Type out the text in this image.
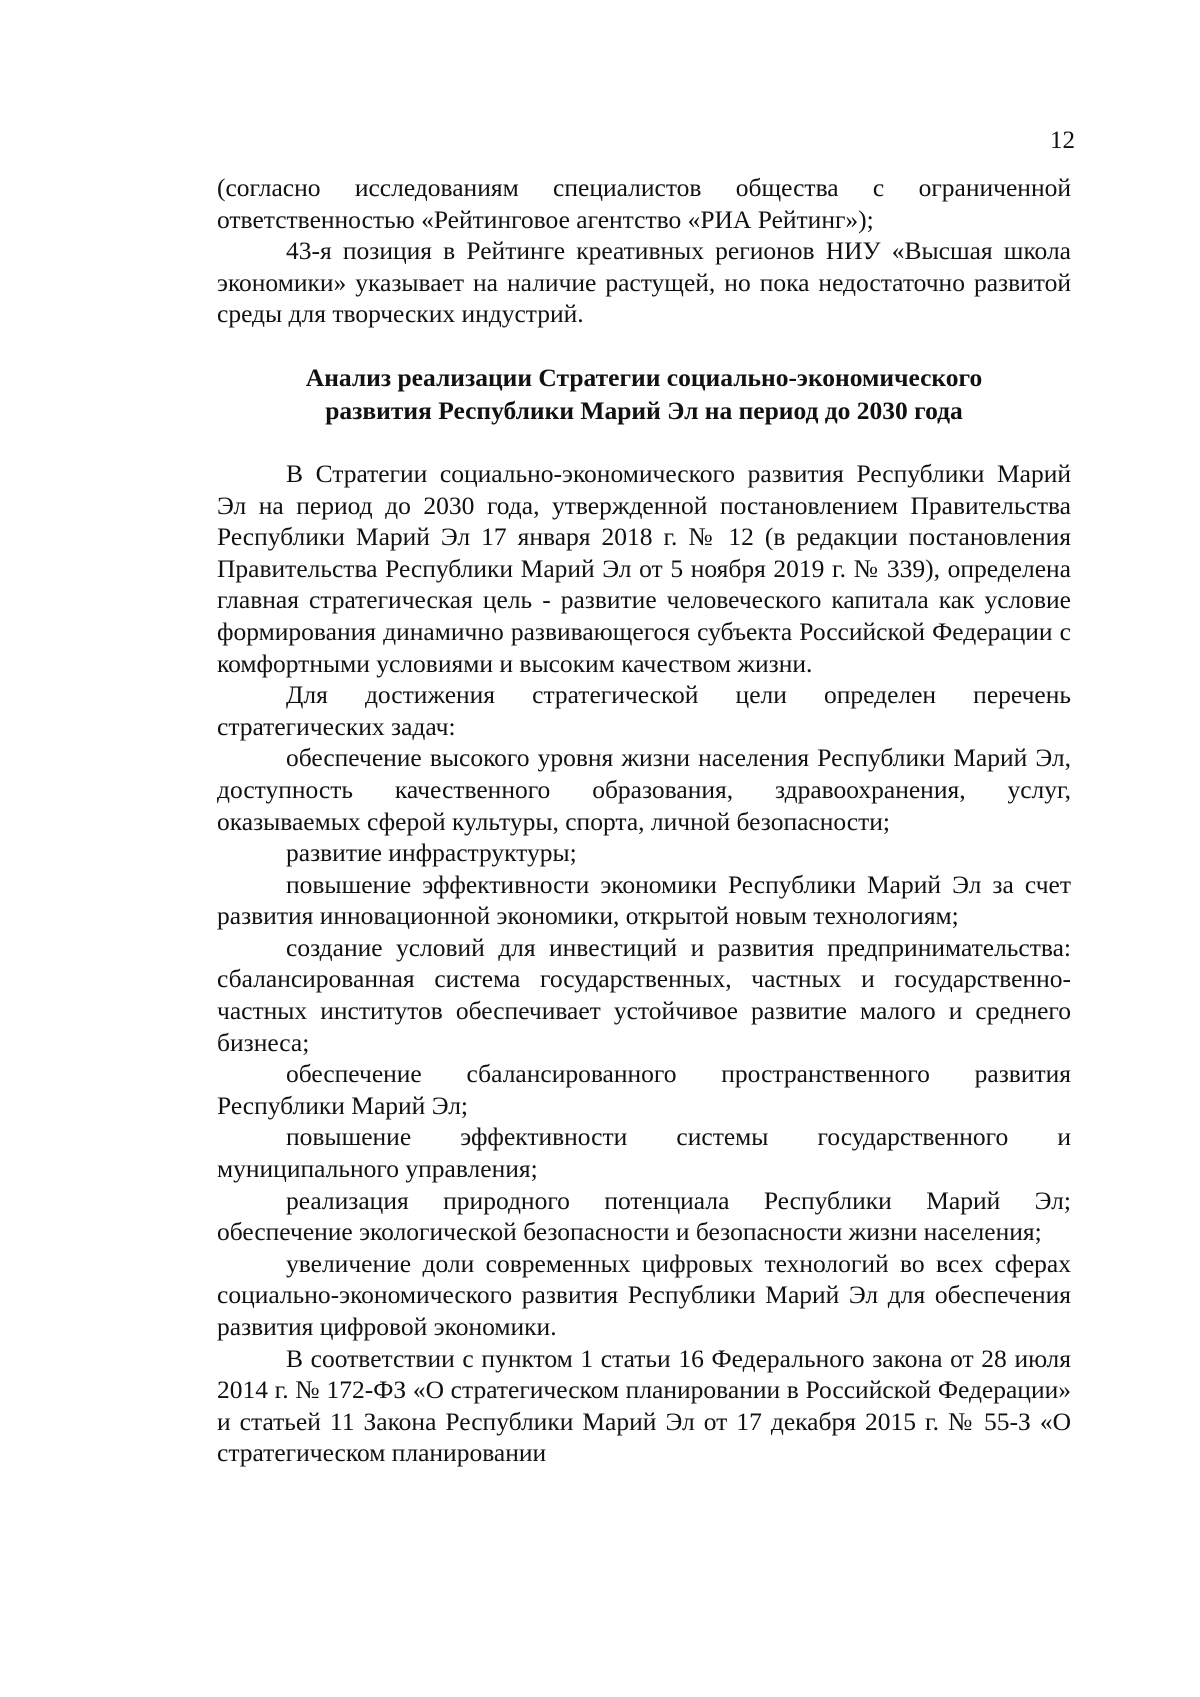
12

(согласно исследованиям специалистов общества с ограниченной ответственностью «Рейтинговое агентство «РИА Рейтинг»);

43-я позиция в Рейтинге креативных регионов НИУ «Высшая школа экономики» указывает на наличие растущей, но пока недостаточно развитой среды для творческих индустрий.

Анализ реализации Стратегии социально-экономического
развития Республики Марий Эл на период до 2030 года

В Стратегии социально-экономического развития Республики Марий Эл на период до 2030 года, утвержденной постановлением Правительства Республики Марий Эл 17 января 2018 г. № 12 (в редакции постановления Правительства Республики Марий Эл от 5 ноября 2019 г. № 339), определена главная стратегическая цель - развитие человеческого капитала как условие формирования динамично развивающегося субъекта Российской Федерации с комфортными условиями и высоким качеством жизни.

Для достижения стратегической цели определен перечень стратегических задач:

обеспечение высокого уровня жизни населения Республики Марий Эл, доступность качественного образования, здравоохранения, услуг, оказываемых сферой культуры, спорта, личной безопасности;

развитие инфраструктуры;

повышение эффективности экономики Республики Марий Эл за счет развития инновационной экономики, открытой новым технологиям;

создание условий для инвестиций и развития предпринимательства: сбалансированная система государственных, частных и государственно-частных институтов обеспечивает устойчивое развитие малого и среднего бизнеса;

обеспечение сбалансированного пространственного развития Республики Марий Эл;

повышение эффективности системы государственного и муниципального управления;

реализация природного потенциала Республики Марий Эл; обеспечение экологической безопасности и безопасности жизни населения;

увеличение доли современных цифровых технологий во всех сферах социально-экономического развития Республики Марий Эл для обеспечения развития цифровой экономики.

В соответствии с пунктом 1 статьи 16 Федерального закона от 28 июля 2014 г. № 172-ФЗ «О стратегическом планировании в Российской Федерации» и статьей 11 Закона Республики Марий Эл от 17 декабря 2015 г. № 55-З «О стратегическом планировании
